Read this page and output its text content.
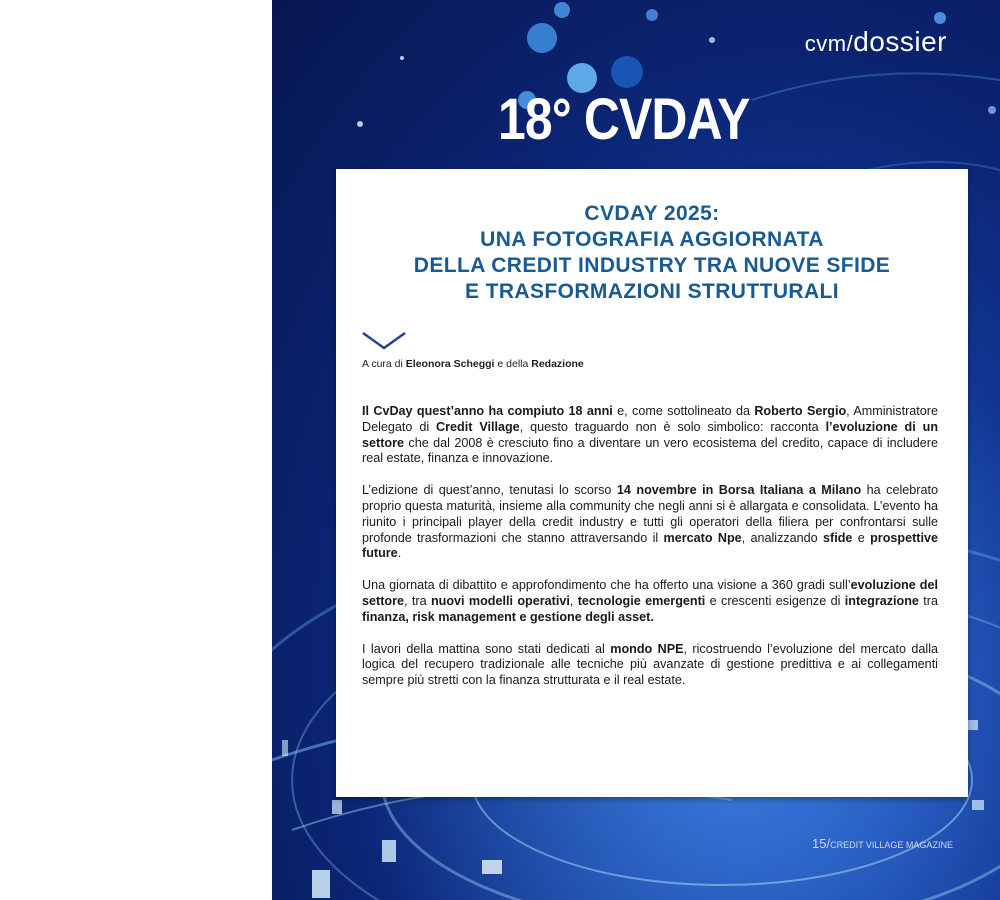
cvm/dossier
18° CVDAY
CVDAY 2025:
UNA FOTOGRAFIA AGGIORNATA
DELLA CREDIT INDUSTRY TRA NUOVE SFIDE
E TRASFORMAZIONI STRUTTURALI
A cura di Eleonora Scheggi e della Redazione

Il CvDay quest’anno ha compiuto 18 anni e, come sottolineato da Roberto Sergio, Amministratore Delegato di Credit Village, questo traguardo non è solo simbolico: racconta l’evoluzione di un settore che dal 2008 è cresciuto fino a diventare un vero ecosistema del credito, capace di includere real estate, finanza e innovazione.

L’edizione di quest’anno, tenutasi lo scorso 14 novembre in Borsa Italiana a Milano ha celebrato proprio questa maturità, insieme alla community che negli anni si è allargata e consolidata. L’evento ha riunito i principali player della credit industry e tutti gli operatori della filiera per confrontarsi sulle profonde trasformazioni che stanno attraversando il mercato Npe, analizzando sfide e prospettive future.

Una giornata di dibattito e approfondimento che ha offerto una visione a 360 gradi sull’evoluzione del settore, tra nuovi modelli operativi, tecnologie emergenti e crescenti esigenze di integrazione tra finanza, risk management e gestione degli asset.

I lavori della mattina sono stati dedicati al mondo NPE, ricostruendo l’evoluzione del mercato dalla logica del recupero tradizionale alle tecniche più avanzate di gestione predittiva e ai collegamenti sempre più stretti con la finanza strutturata e il real estate.

15/CREDIT VILLAGE MAGAZINE
